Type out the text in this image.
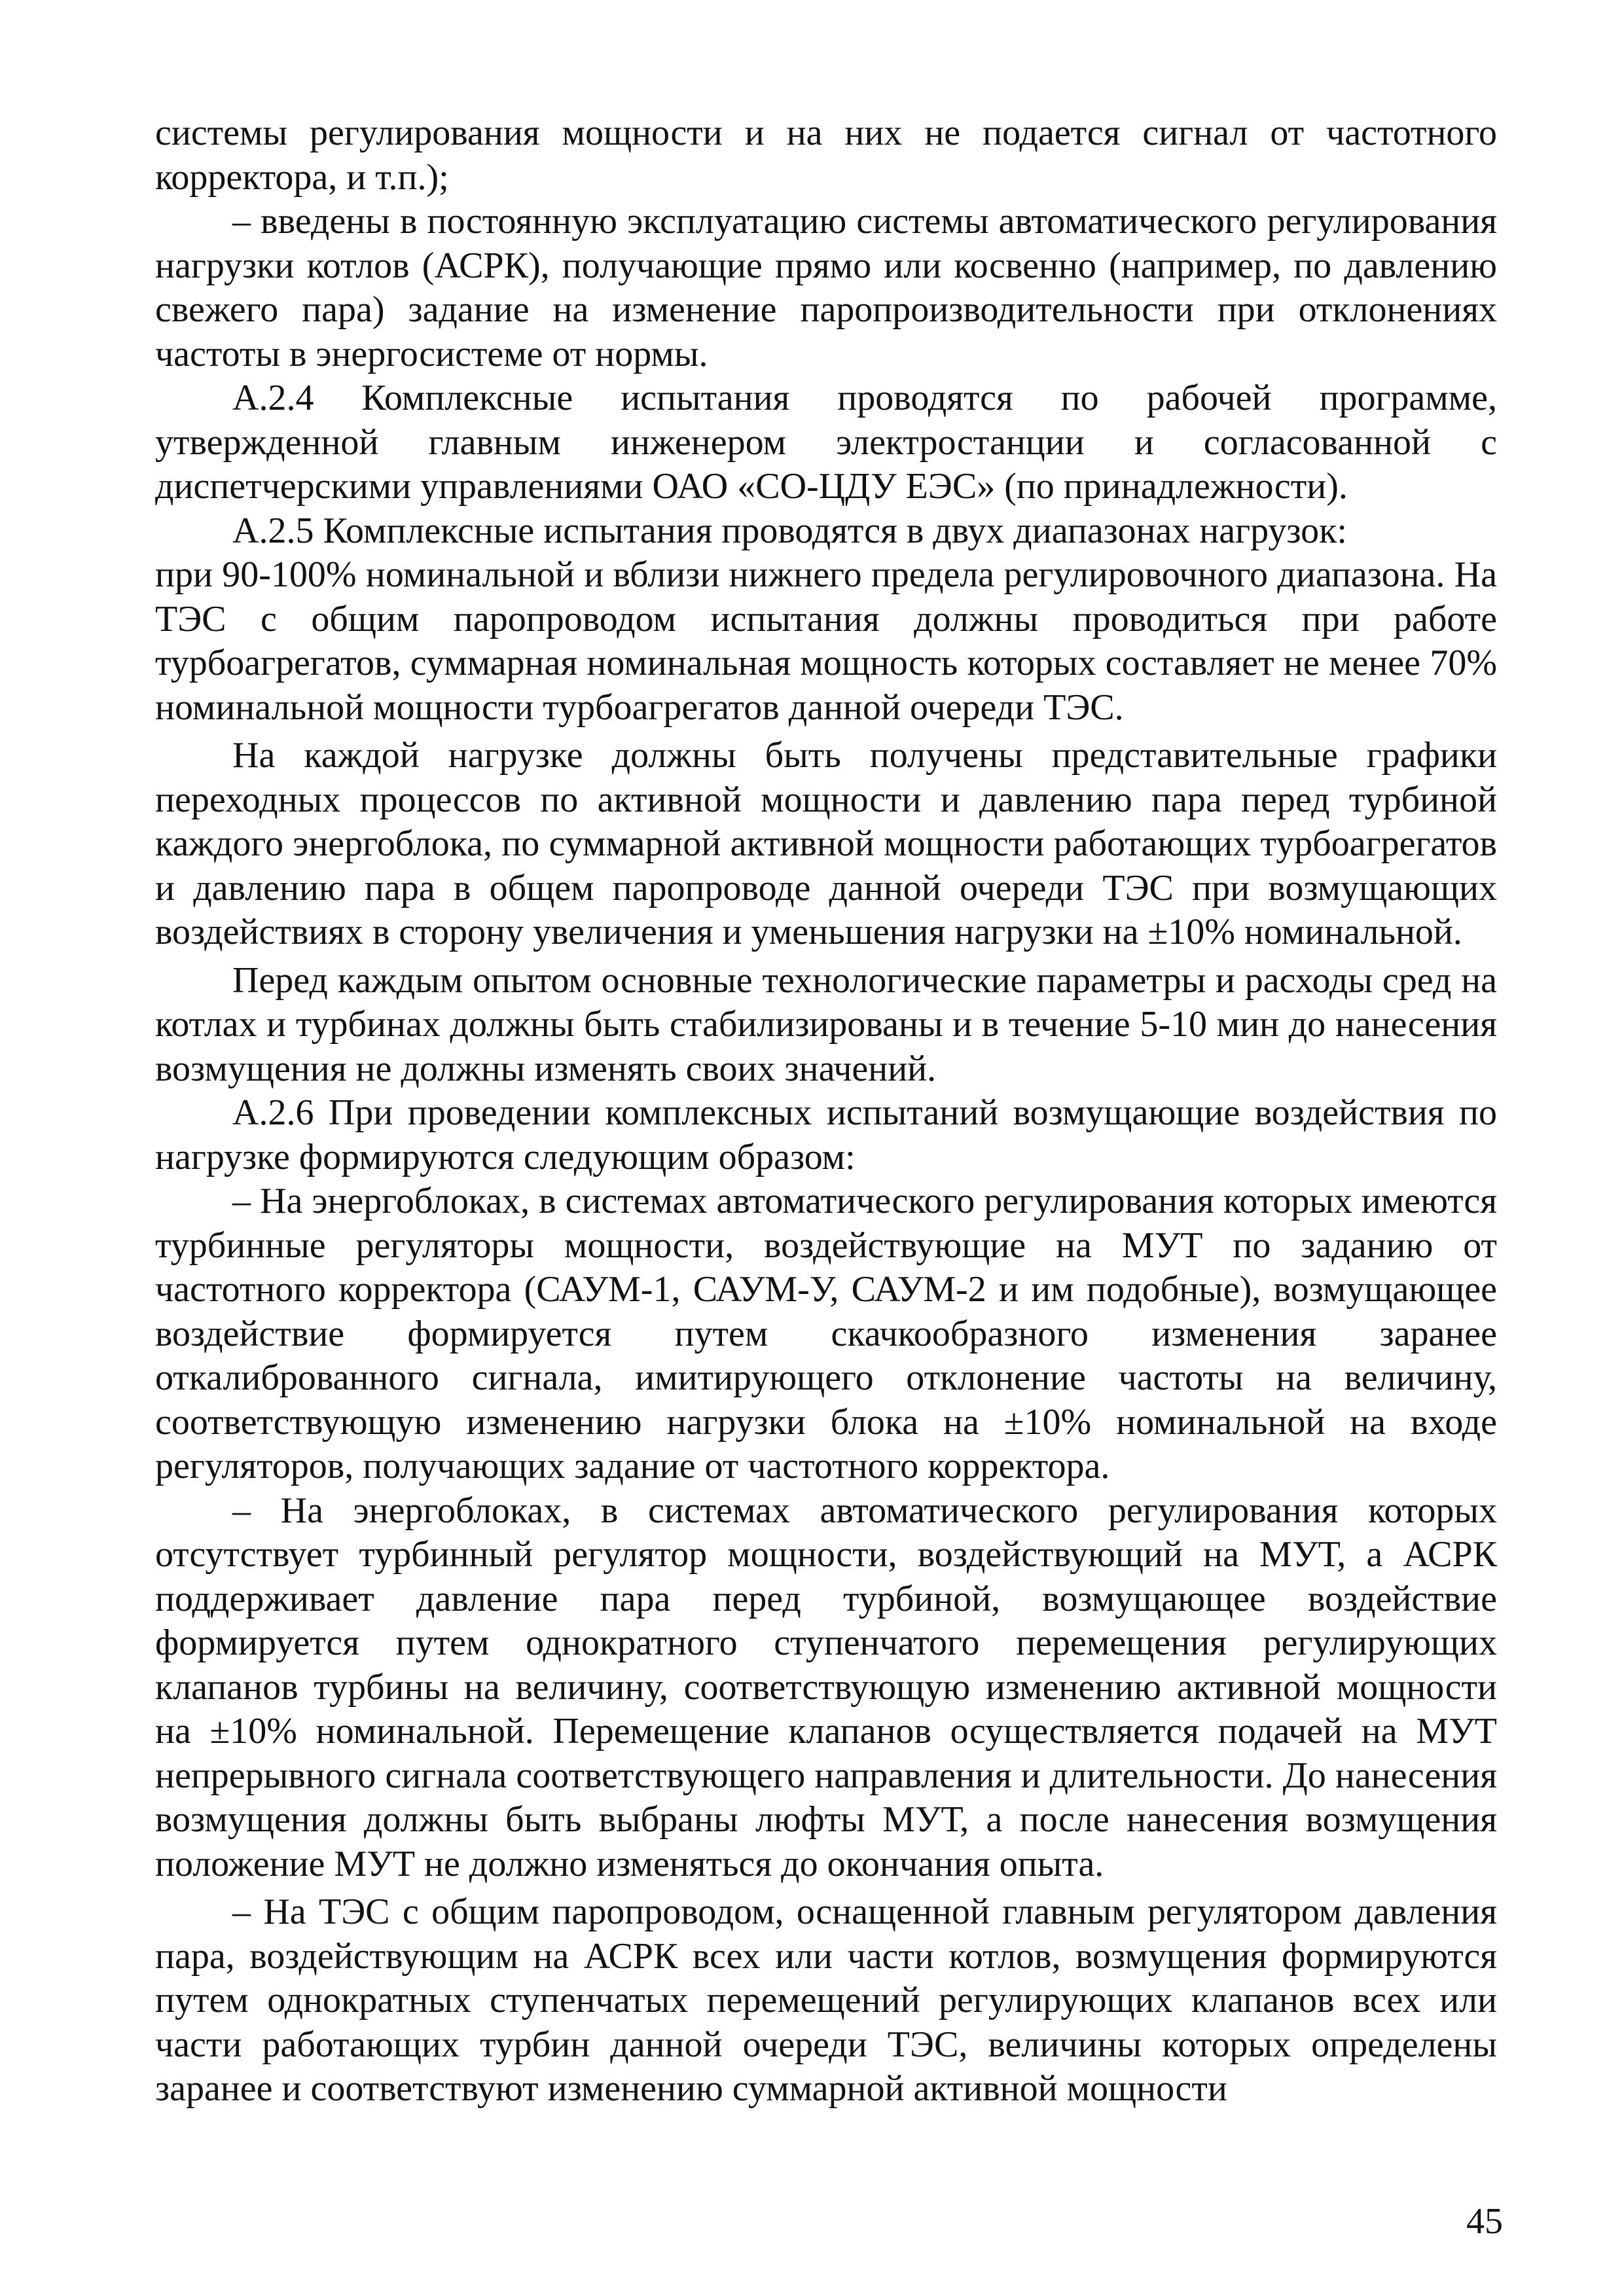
системы регулирования мощности и на них не подается сигнал от частотного корректора, и т.п.);

– введены в постоянную эксплуатацию системы автоматического регулирования нагрузки котлов (АСРК), получающие прямо или косвенно (например, по давлению свежего пара) задание на изменение паропроизводительности при отклонениях частоты в энергосистеме от нормы.

А.2.4 Комплексные испытания проводятся по рабочей программе, утвержденной главным инженером электростанции и согласованной с диспетчерскими управлениями ОАО «СО-ЦДУ ЕЭС» (по принадлежности).

А.2.5 Комплексные испытания проводятся в двух диапазонах нагрузок:

при 90-100% номинальной и вблизи нижнего предела регулировочного диапазона. На ТЭС с общим паропроводом испытания должны проводиться при работе турбоагрегатов, суммарная номинальная мощность которых составляет не менее 70% номинальной мощности турбоагрегатов данной очереди ТЭС.

На каждой нагрузке должны быть получены представительные графики переходных процессов по активной мощности и давлению пара перед турбиной каждого энергоблока, по суммарной активной мощности работающих турбоагрегатов и давлению пара в общем паропроводе данной очереди ТЭС при возмущающих воздействиях в сторону увеличения и уменьшения нагрузки на ±10% номинальной.

Перед каждым опытом основные технологические параметры и расходы сред на котлах и турбинах должны быть стабилизированы и в течение 5-10 мин до нанесения возмущения не должны изменять своих значений.

А.2.6 При проведении комплексных испытаний возмущающие воздействия по нагрузке формируются следующим образом:

– На энергоблоках, в системах автоматического регулирования которых имеются турбинные регуляторы мощности, воздействующие на МУТ по заданию от частотного корректора (САУМ-1, САУМ-У, САУМ-2 и им подобные), возмущающее воздействие формируется путем скачкообразного изменения заранее откалиброванного сигнала, имитирующего отклонение частоты на величину, соответствующую изменению нагрузки блока на ±10% номинальной на входе регуляторов, получающих задание от частотного корректора.

– На энергоблоках, в системах автоматического регулирования которых отсутствует турбинный регулятор мощности, воздействующий на МУТ, а АСРК поддерживает давление пара перед турбиной, возмущающее воздействие формируется путем однократного ступенчатого перемещения регулирующих клапанов турбины на величину, соответствующую изменению активной мощности на ±10% номинальной. Перемещение клапанов осуществляется подачей на МУТ непрерывного сигнала соответствующего направления и длительности. До нанесения возмущения должны быть выбраны люфты МУТ, а после нанесения возмущения положение МУТ не должно изменяться до окончания опыта.

– На ТЭС с общим паропроводом, оснащенной главным регулятором давления пара, воздействующим на АСРК всех или части котлов, возмущения формируются путем однократных ступенчатых перемещений регулирующих клапанов всех или части работающих турбин данной очереди ТЭС, величины которых определены заранее и соответствуют изменению суммарной активной мощности

45
